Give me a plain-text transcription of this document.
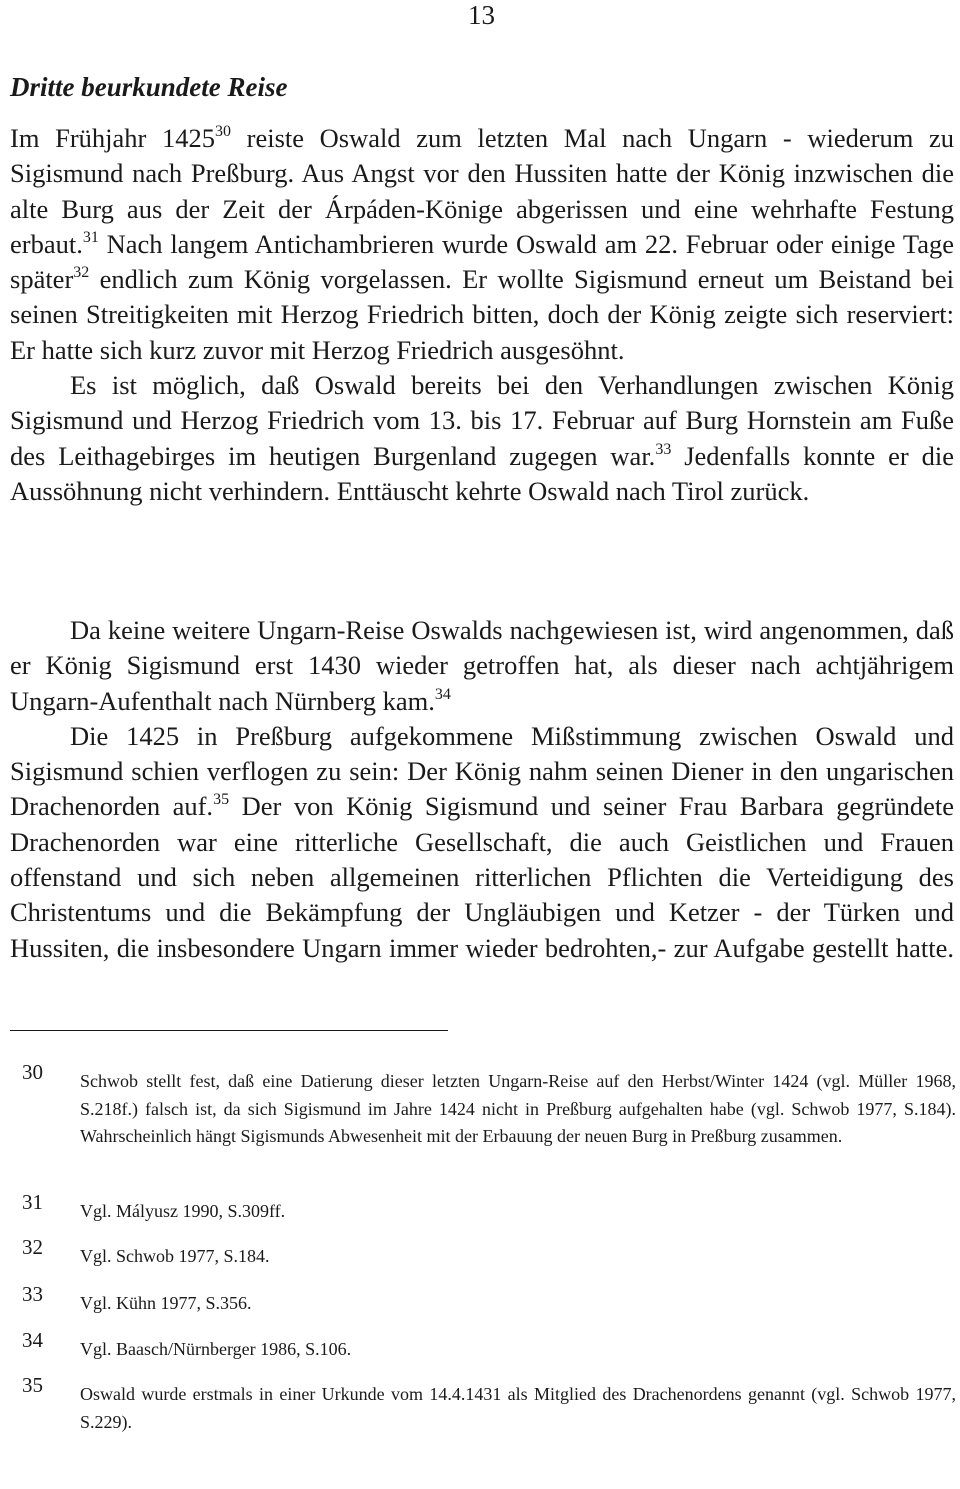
13
Dritte beurkundete Reise

Im Frühjahr 1425$^{30}$ reiste Oswald zum letzten Mal nach Ungarn - wiederum zu Sigismund nach Preßburg. Aus Angst vor den Hussiten hatte der König inzwischen die alte Burg aus der Zeit der Árpáden-Könige abgerissen und eine wehrhafte Festung erbaut.$^{31}$ Nach langem Antichambrieren wurde Oswald am 22. Februar oder einige Tage später$^{32}$ endlich zum König vorgelassen. Er wollte Sigismund erneut um Beistand bei seinen Streitigkeiten mit Herzog Friedrich bitten, doch der König zeigte sich reserviert: Er hatte sich kurz zuvor mit Herzog Friedrich ausgesöhnt.

Es ist möglich, daß Oswald bereits bei den Verhandlungen zwischen König Sigismund und Herzog Friedrich vom 13. bis 17. Februar auf Burg Hornstein am Fuße des Leithagebirges im heutigen Burgenland zugegen war.$^{33}$ Jedenfalls konnte er die Aussöhnung nicht verhindern. Enttäuscht kehrte Oswald nach Tirol zurück.

Da keine weitere Ungarn-Reise Oswalds nachgewiesen ist, wird angenommen, daß er König Sigismund erst 1430 wieder getroffen hat, als dieser nach achtjährigem Ungarn-Aufenthalt nach Nürnberg kam.$^{34}$

Die 1425 in Preßburg aufgekommene Mißstimmung zwischen Oswald und Sigismund schien verflogen zu sein: Der König nahm seinen Diener in den ungarischen Drachenorden auf.$^{35}$ Der von König Sigismund und seiner Frau Barbara gegründete Drachenorden war eine ritterliche Gesellschaft, die auch Geistlichen und Frauen offenstand und sich neben allgemeinen ritterlichen Pflichten die Verteidigung des Christentums und die Bekämpfung der Ungläubigen und Ketzer - der Türken und Hussiten, die insbesondere Ungarn immer wieder bedrohten,- zur Aufgabe gestellt hatte.

30 Schwob stellt fest, daß eine Datierung dieser letzten Ungarn-Reise auf den Herbst/Winter 1424 (vgl. Müller 1968, S.218f.) falsch ist, da sich Sigismund im Jahre 1424 nicht in Preßburg aufgehalten habe (vgl. Schwob 1977, S.184). Wahrscheinlich hängt Sigismunds Abwesenheit mit der Erbauung der neuen Burg in Preßburg zusammen.
31 Vgl. Mályusz 1990, S.309ff.
32 Vgl. Schwob 1977, S.184.
33 Vgl. Kühn 1977, S.356.
34 Vgl. Baasch/Nürnberger 1986, S.106.
35 Oswald wurde erstmals in einer Urkunde vom 14.4.1431 als Mitglied des Drachenordens genannt (vgl. Schwob 1977, S.229).
